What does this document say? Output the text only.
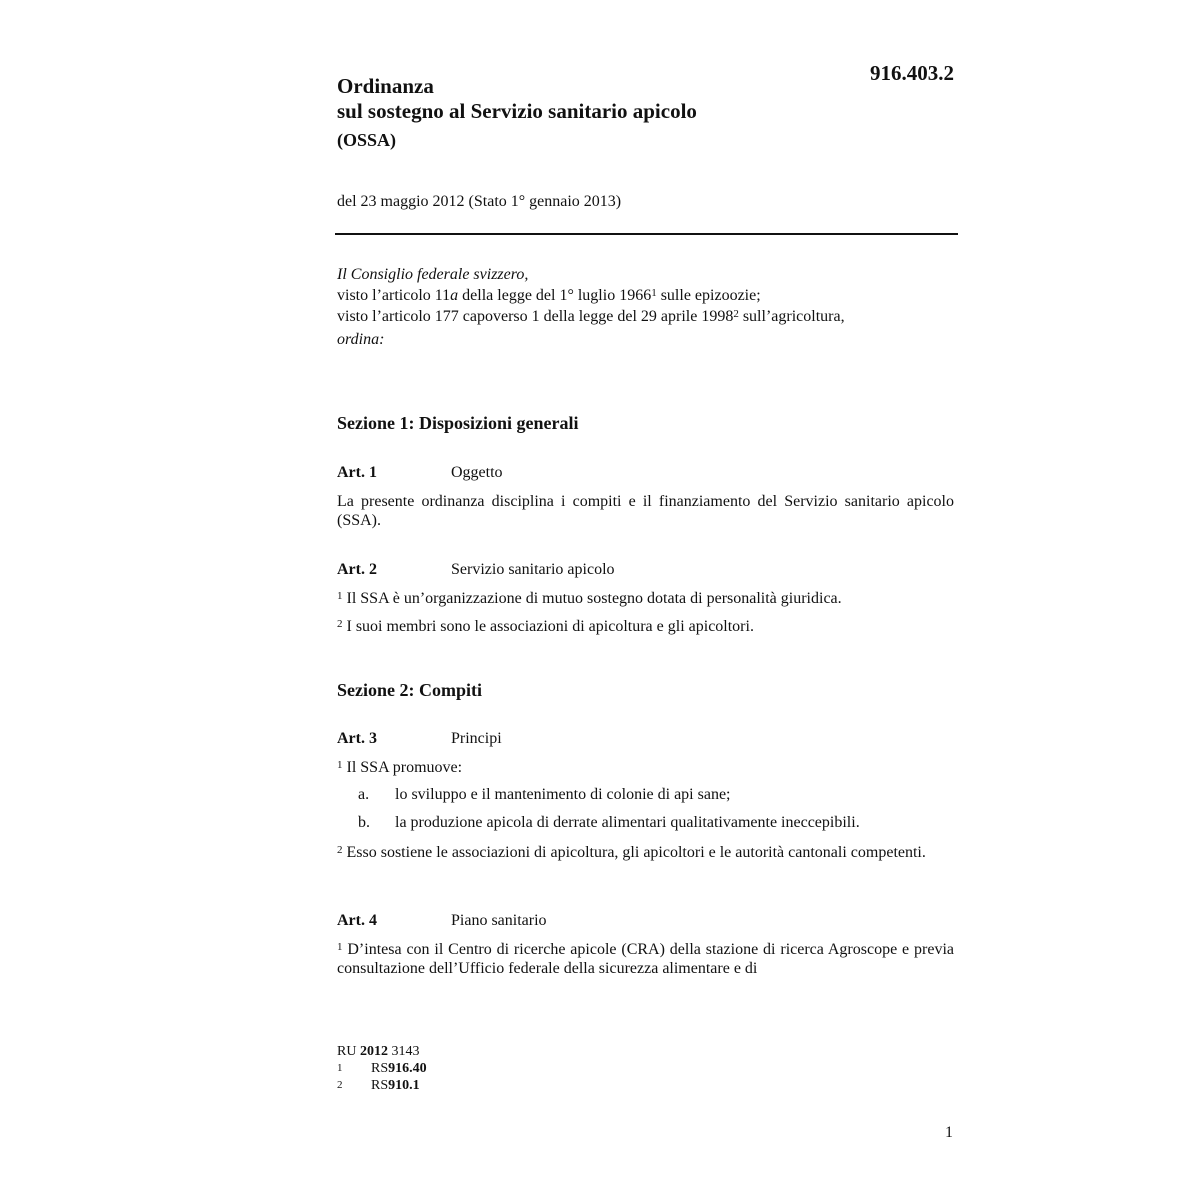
916.403.2
Ordinanza
sul sostegno al Servizio sanitario apicolo
(OSSA)
del 23 maggio 2012 (Stato 1° gennaio 2013)
Il Consiglio federale svizzero,
visto l’articolo 11a della legge del 1° luglio 1966$^1$ sulle epizoozie;
visto l’articolo 177 capoverso 1 della legge del 29 aprile 1998$^2$ sull’agricoltura,
ordina:
Sezione 1: Disposizioni generali
Art. 1	Oggetto
La presente ordinanza disciplina i compiti e il finanziamento del Servizio sanitario apicolo (SSA).
Art. 2	Servizio sanitario apicolo
$^1$ Il SSA è un’organizzazione di mutuo sostegno dotata di personalità giuridica.
$^2$ I suoi membri sono le associazioni di apicoltura e gli apicoltori.
Sezione 2: Compiti
Art. 3	Principi
$^1$ Il SSA promuove:
a. lo sviluppo e il mantenimento di colonie di api sane;
b. la produzione apicola di derrate alimentari qualitativamente ineccepibili.
$^2$ Esso sostiene le associazioni di apicoltura, gli apicoltori e le autorità cantonali competenti.
Art. 4	Piano sanitario
$^1$ D’intesa con il Centro di ricerche apicole (CRA) della stazione di ricerca Agroscope e previa consultazione dell’Ufficio federale della sicurezza alimentare e di
RU 2012 3143
1	RS 916.40
2	RS 910.1
1
